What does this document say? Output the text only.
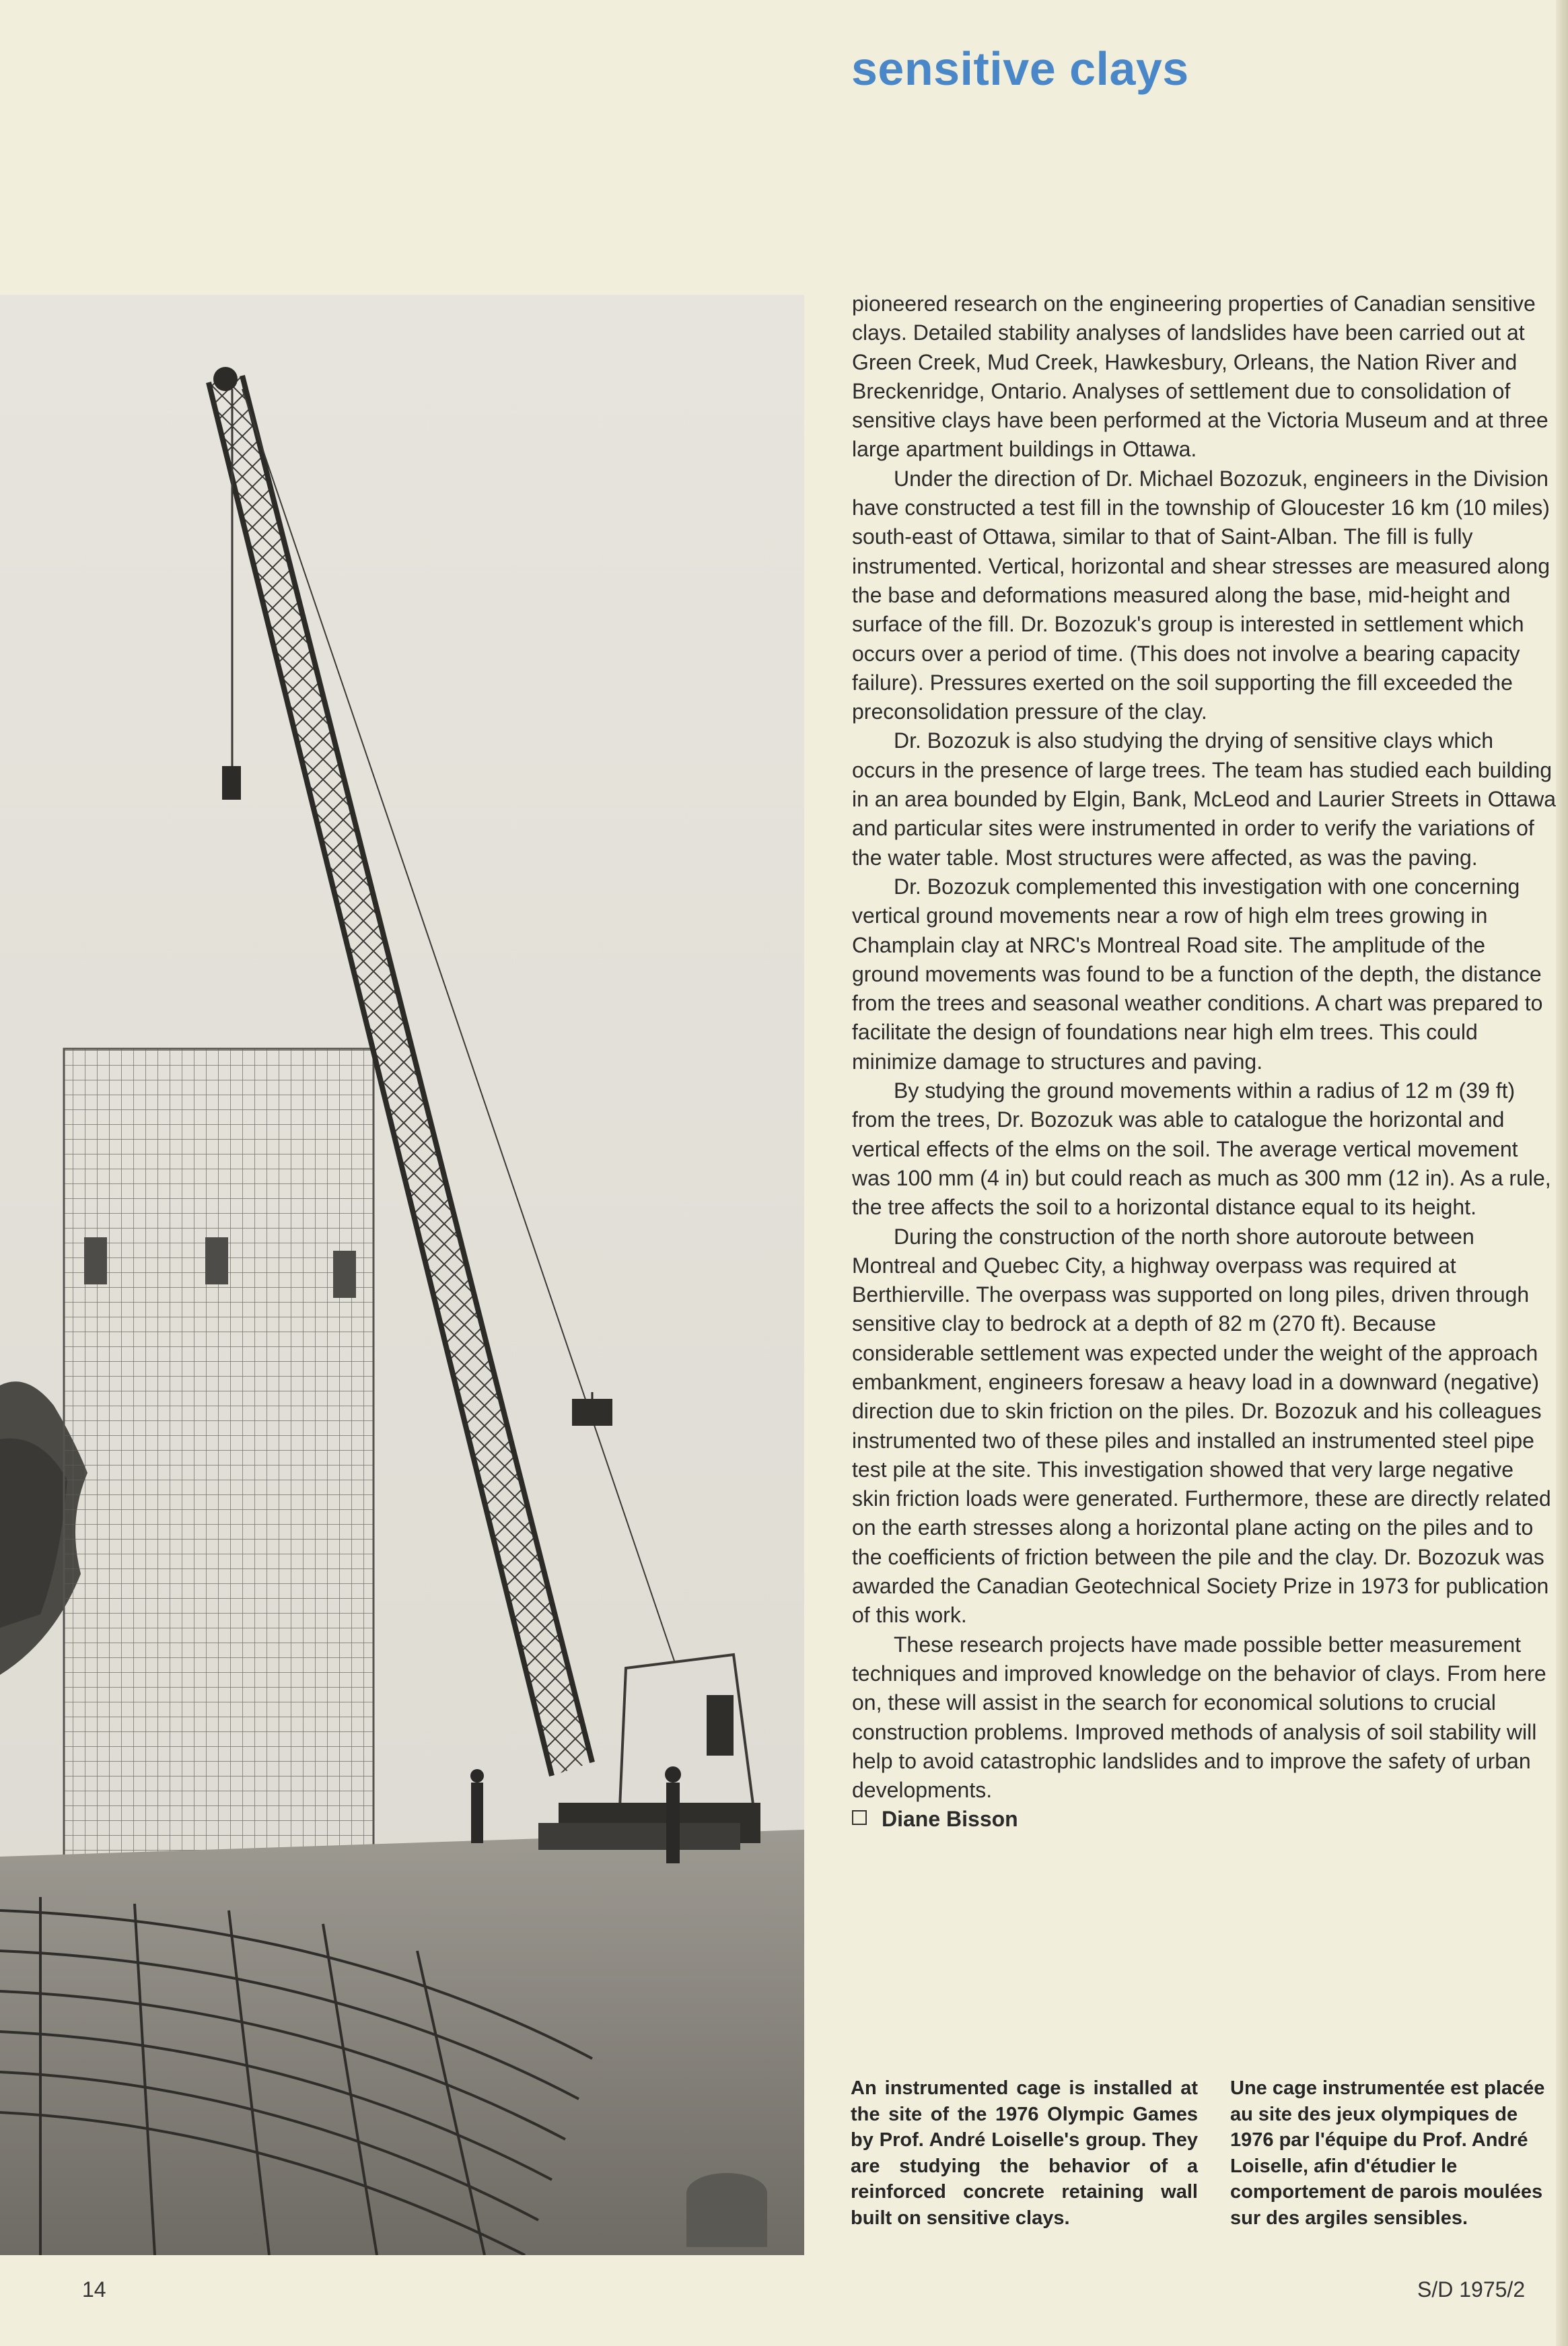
sensitive clays

pioneered research on the engineering properties of Canadian sensitive clays. Detailed stability analyses of landslides have been carried out at Green Creek, Mud Creek, Hawkesbury, Orleans, the Nation River and Breckenridge, Ontario. Analyses of settlement due to consolidation of sensitive clays have been performed at the Victoria Museum and at three large apartment buildings in Ottawa.

Under the direction of Dr. Michael Bozozuk, engineers in the Division have constructed a test fill in the township of Gloucester 16 km (10 miles) south-east of Ottawa, similar to that of Saint-Alban. The fill is fully instrumented. Vertical, horizontal and shear stresses are measured along the base and deformations measured along the base, mid-height and surface of the fill. Dr. Bozozuk's group is interested in settlement which occurs over a period of time. (This does not involve a bearing capacity failure). Pressures exerted on the soil supporting the fill exceeded the preconsolidation pressure of the clay.

Dr. Bozozuk is also studying the drying of sensitive clays which occurs in the presence of large trees. The team has studied each building in an area bounded by Elgin, Bank, McLeod and Laurier Streets in Ottawa and particular sites were instrumented in order to verify the variations of the water table. Most structures were affected, as was the paving.

Dr. Bozozuk complemented this investigation with one concerning vertical ground movements near a row of high elm trees growing in Champlain clay at NRC's Montreal Road site. The amplitude of the ground movements was found to be a function of the depth, the distance from the trees and seasonal weather conditions. A chart was prepared to facilitate the design of foundations near high elm trees. This could minimize damage to structures and paving.

By studying the ground movements within a radius of 12 m (39 ft) from the trees, Dr. Bozozuk was able to catalogue the horizontal and vertical effects of the elms on the soil. The average vertical movement was 100 mm (4 in) but could reach as much as 300 mm (12 in). As a rule, the tree affects the soil to a horizontal distance equal to its height.

During the construction of the north shore autoroute between Montreal and Quebec City, a highway overpass was required at Berthierville. The overpass was supported on long piles, driven through sensitive clay to bedrock at a depth of 82 m (270 ft). Because considerable settlement was expected under the weight of the approach embankment, engineers foresaw a heavy load in a downward (negative) direction due to skin friction on the piles. Dr. Bozozuk and his colleagues instrumented two of these piles and installed an instrumented steel pipe test pile at the site. This investigation showed that very large negative skin friction loads were generated. Furthermore, these are directly related on the earth stresses along a horizontal plane acting on the piles and to the coefficients of friction between the pile and the clay. Dr. Bozozuk was awarded the Canadian Geotechnical Society Prize in 1973 for publication of this work.

These research projects have made possible better measurement techniques and improved knowledge on the behavior of clays. From here on, these will assist in the search for economical solutions to crucial construction problems. Improved methods of analysis of soil stability will help to avoid catastrophic landslides and to improve the safety of urban developments.

Diane Bisson

An instrumented cage is installed at the site of the 1976 Olympic Games by Prof. André Loiselle's group. They are studying the behavior of a reinforced concrete retaining wall built on sensitive clays.
Une cage instrumentée est placée au site des jeux olympiques de 1976 par l'équipe du Prof. André Loiselle, afin d'étudier le comportement de parois moulées sur des argiles sensibles.
14	S/D 1975/2
